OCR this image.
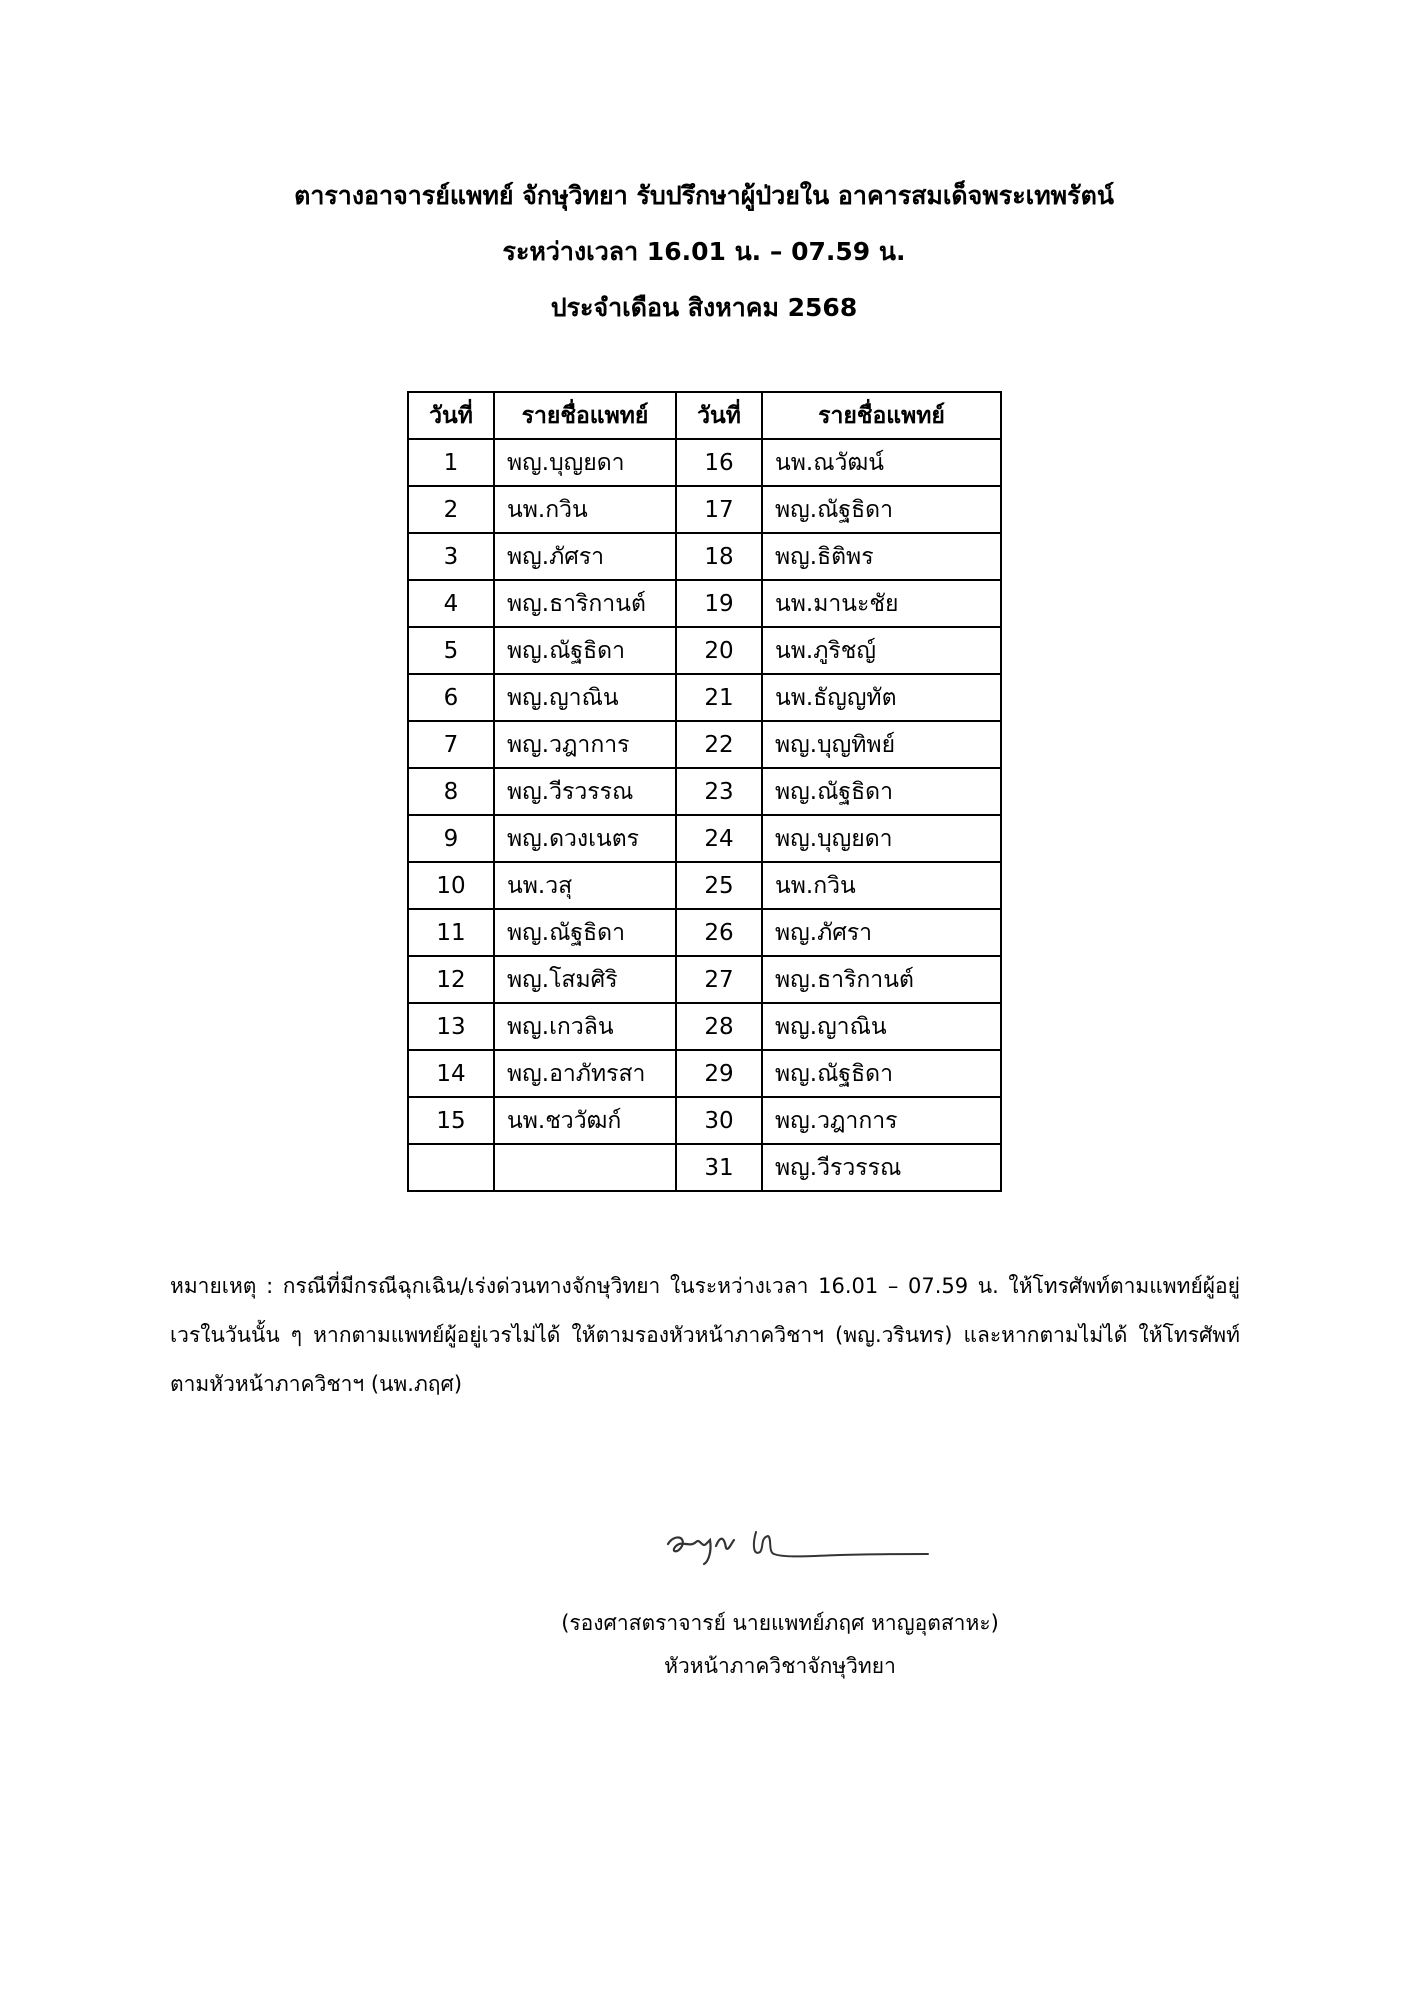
ตารางอาจารย์แพทย์ จักษุวิทยา รับปรึกษาผู้ป่วยใน อาคารสมเด็จพระเทพรัตน์
ระหว่างเวลา 16.01 น. – 07.59 น.
ประจำเดือน สิงหาคม 2568
วันที่	รายชื่อแพทย์	วันที่	รายชื่อแพทย์
1	พญ.บุญยดา	16	นพ.ณวัฒน์
2	นพ.กวิน	17	พญ.ณัฐธิดา
3	พญ.ภัศรา	18	พญ.ธิติพร
4	พญ.ธาริกานต์	19	นพ.มานะชัย
5	พญ.ณัฐธิดา	20	นพ.ภูริชญ์
6	พญ.ญาณิน	21	นพ.ธัญญทัต
7	พญ.วฎาการ	22	พญ.บุญทิพย์
8	พญ.วีรวรรณ	23	พญ.ณัฐธิดา
9	พญ.ดวงเนตร	24	พญ.บุญยดา
10	นพ.วสุ	25	นพ.กวิน
11	พญ.ณัฐธิดา	26	พญ.ภัศรา
12	พญ.โสมศิริ	27	พญ.ธาริกานต์
13	พญ.เกวลิน	28	พญ.ญาณิน
14	พญ.อาภัทรสา	29	พญ.ณัฐธิดา
15	นพ.ชววัฒก์	30	พญ.วฎาการ
		31	พญ.วีรวรรณ
หมายเหตุ : กรณีที่มีกรณีฉุกเฉิน/เร่งด่วนทางจักษุวิทยา ในระหว่างเวลา 16.01 – 07.59 น. ให้โทรศัพท์ตามแพทย์ผู้อยู่เวรในวันนั้น ๆ หากตามแพทย์ผู้อยู่เวรไม่ได้ ให้ตามรองหัวหน้าภาควิชาฯ (พญ.วรินทร) และหากตามไม่ได้ ให้โทรศัพท์ตามหัวหน้าภาควิชาฯ (นพ.ภฤศ)
(รองศาสตราจารย์ นายแพทย์ภฤศ หาญอุตสาหะ)
หัวหน้าภาควิชาจักษุวิทยา
